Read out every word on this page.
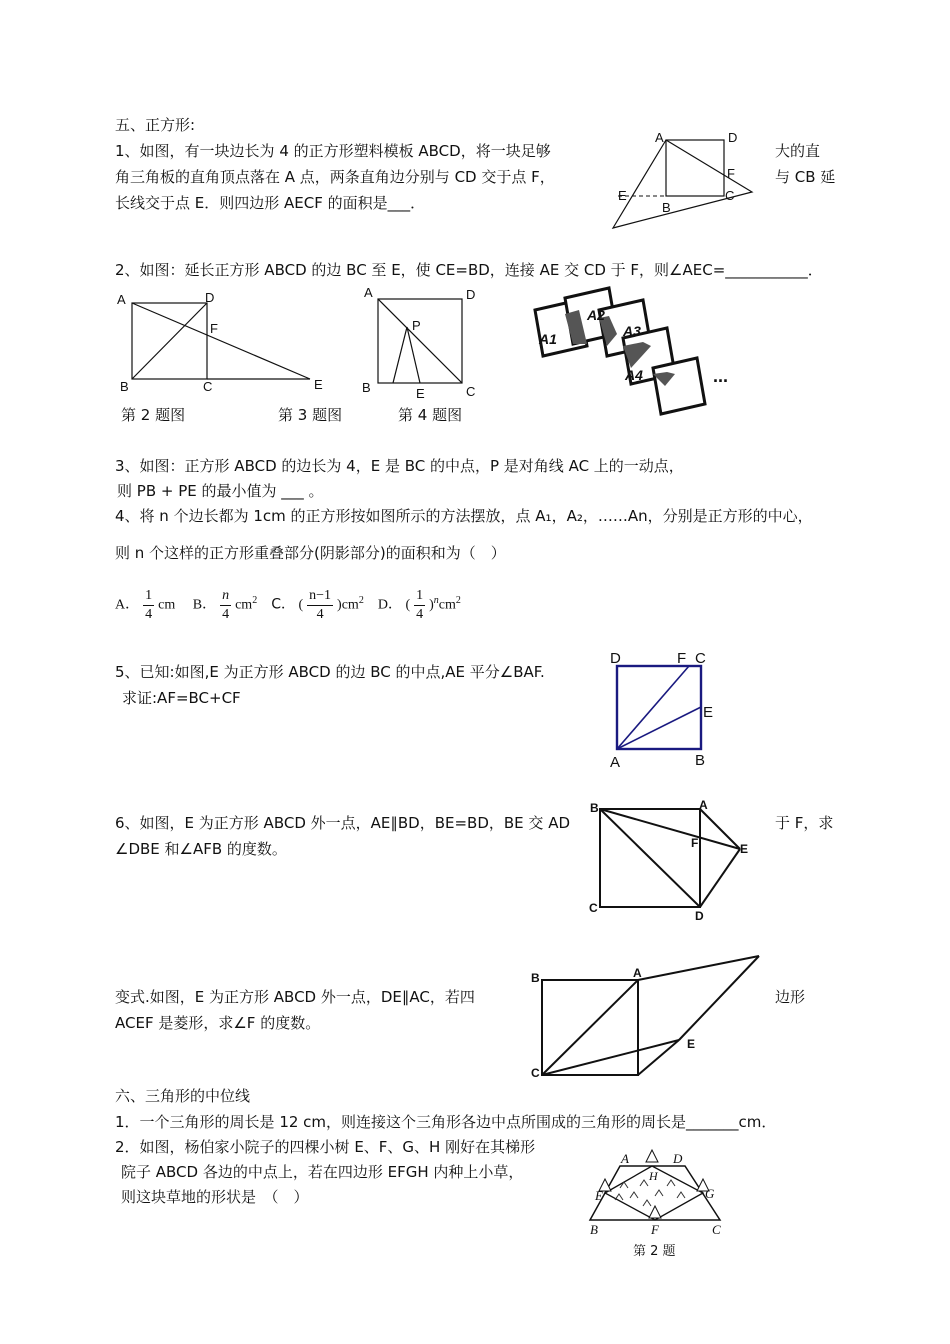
五、正方形:
1、如图，有一块边长为 4 的正方形塑料模板 ABCD，将一块足够	大的直
角三角板的直角顶点落在 A 点，两条直角边分别与 CD 交于点 F，	与 CB 延
长线交于点 E．则四边形 AECF 的面积是___．
A	D
F
E
B
C
2、如图：延长正方形 ABCD 的边 BC 至 E，使 CE=BD，连接 AE 交 CD 于 F，则∠AEC=___________．
A	D
F
B	C	E
A	D
P
B	E	C
A1
A2
A3
A4	...
第 2 题图	第 3 题图	第 4 题图
3、如图：正方形 ABCD 的边长为 4，E 是 BC 的中点，P 是对角线 AC 上的一动点，
则 PB + PE 的最小值为 ___ 。
4、将 n 个边长都为 1cm 的正方形按如图所示的方法摆放，点 A₁，A₂，……An，分别是正方形的中心，
则 n 个这样的正方形重叠部分(阴影部分)的面积和为（　）
A． $\frac{1}{4}$ cm B． $\frac{n}{4} cm^2$ C． ( $\frac{n-1}{4} )cm^2$ D． ( $\frac{1}{4} )^ncm^2$
5、已知:如图,E 为正方形 ABCD 的边 BC 的中点,AE 平分∠BAF.
求证:AF=BC+CF
D	F C
E
A	B
6、如图，E 为正方形 ABCD 外一点，AE∥BD，BE=BD，BE 交 AD	于 F，求
∠DBE 和∠AFB 的度数。
B	A
F	E
C
D
变式.如图，E 为正方形 ABCD 外一点，DE∥AC，若四	边形
ACEF 是菱形，求∠F 的度数。
B	A
E
C
六、三角形的中位线
1．一个三角形的周长是 12 cm，则连接这个三角形各边中点所围成的三角形的周长是_______cm．
2．如图，杨伯家小院子的四棵小树 E、F、G、H 刚好在其梯形
院子 ABCD 各边的中点上，若在四边形 EFGH 内种上小草，
则这块草地的形状是　（　）
A	D
H
E	G
B	F	C
第 2 题
